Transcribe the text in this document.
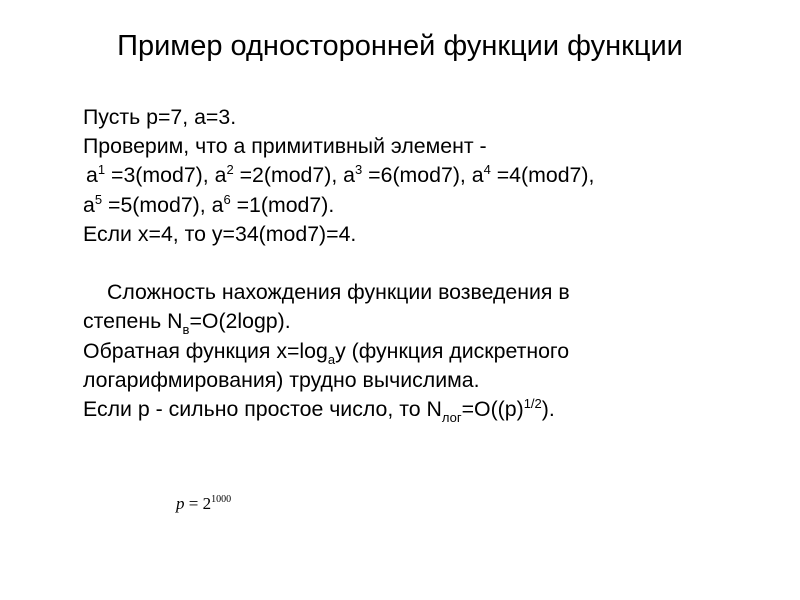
Пример односторонней функции функции
Пусть p=7, a=3.
Проверим, что a примитивный элемент -
$a^1 =3(mod7)$, $a^2 =2(mod7)$, $a^3 =6(mod7)$, $a^4 =4(mod7)$,
$a^5 =5(mod7)$, $a^6 =1(mod7)$.
Если x=4, то y=34(mod7)=4.
Сложность нахождения функции возведения в
степень $N_в=O(2\log p)$.
Обратная функция $x=\log_ay$ (функция дискретного
логарифмирования) трудно вычислима.
Если p - сильно простое число, то $N_{лог}=O((p)^{1/2})$.
$p = 2^{1000}$
